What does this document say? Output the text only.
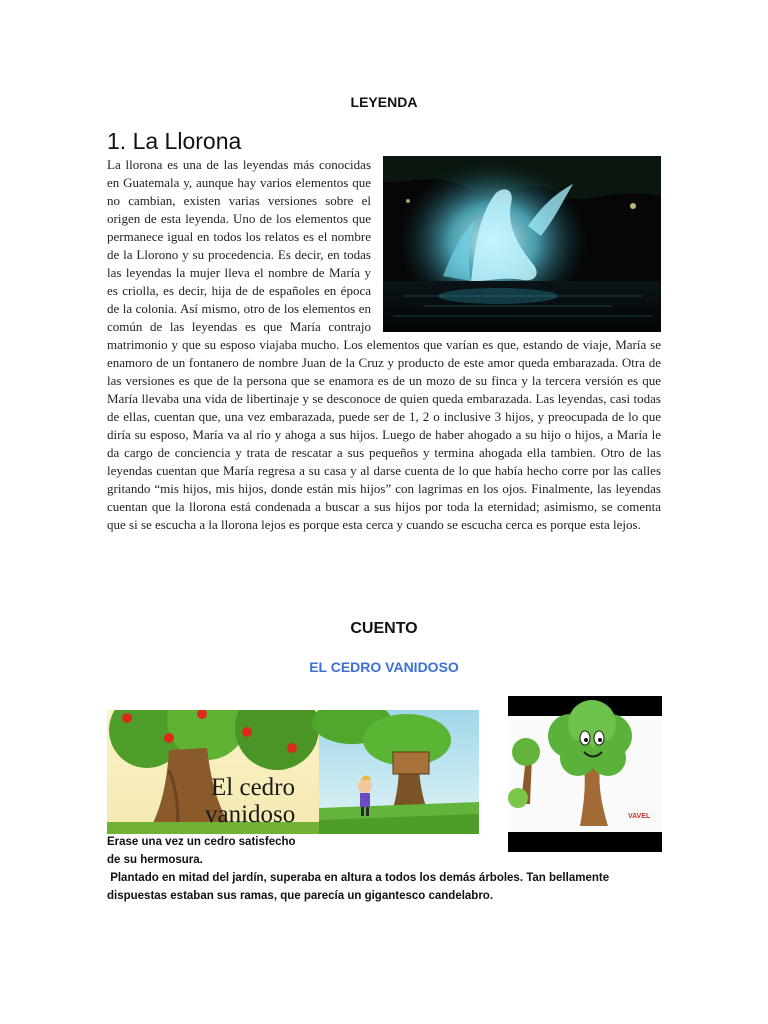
LEYENDA
1. La Llorona
La llorona es una de las leyendas más conocidas en Guatemala y, aunque hay varios elementos que no cambian, existen varias versiones sobre el origen de esta leyenda. Uno de los elementos que permanece igual en todos los relatos es el nombre de la Llorono y su procedencia. Es decir, en todas las leyendas la mujer lleva el nombre de María y es criolla, es decir, hija de de españoles en época de la colonia. Así mismo, otro de los elementos en común de las leyendas es que María contrajo matrimonio y que su esposo viajaba mucho. Los elementos que varían es que, estando de viaje, María se enamoro de un fontanero de nombre Juan de la Cruz y producto de este amor queda embarazada. Otra de las versiones es que de la persona que se enamora es de un mozo de su finca y la tercera versión es que María llevaba una vida de libertinaje y se desconoce de quien queda embarazada. Las leyendas, casi todas de ellas, cuentan que, una vez embarazada, puede ser de 1, 2 o inclusive 3 hijos, y preocupada de lo que diría su esposo, María va al río y ahoga a sus hijos. Luego de haber ahogado a su hijo o hijos, a María le da cargo de conciencia y trata de rescatar a sus pequeños y termina ahogada ella tambien. Otro de las leyendas cuentan que María regresa a su casa y al darse cuenta de lo que había hecho corre por las calles gritando “mis hijos, mis hijos, donde están mis hijos” con lagrimas en los ojos. Finalmente, las leyendas cuentan que la llorona está condenada a buscar a sus hijos por toda la eternidad; asimismo, se comenta que si se escucha a la llorona lejos es porque esta cerca y cuando se escucha cerca es porque esta lejos.
CUENTO
EL CEDRO VANIDOSO
El cedro
vanidoso	VAVEL
Erase una vez un cedro satisfecho
de su hermosura.
Plantado en mitad del jardín, superaba en altura a todos los demás árboles. Tan bellamente
dispuestas estaban sus ramas, que parecía un gigantesco candelabro.
